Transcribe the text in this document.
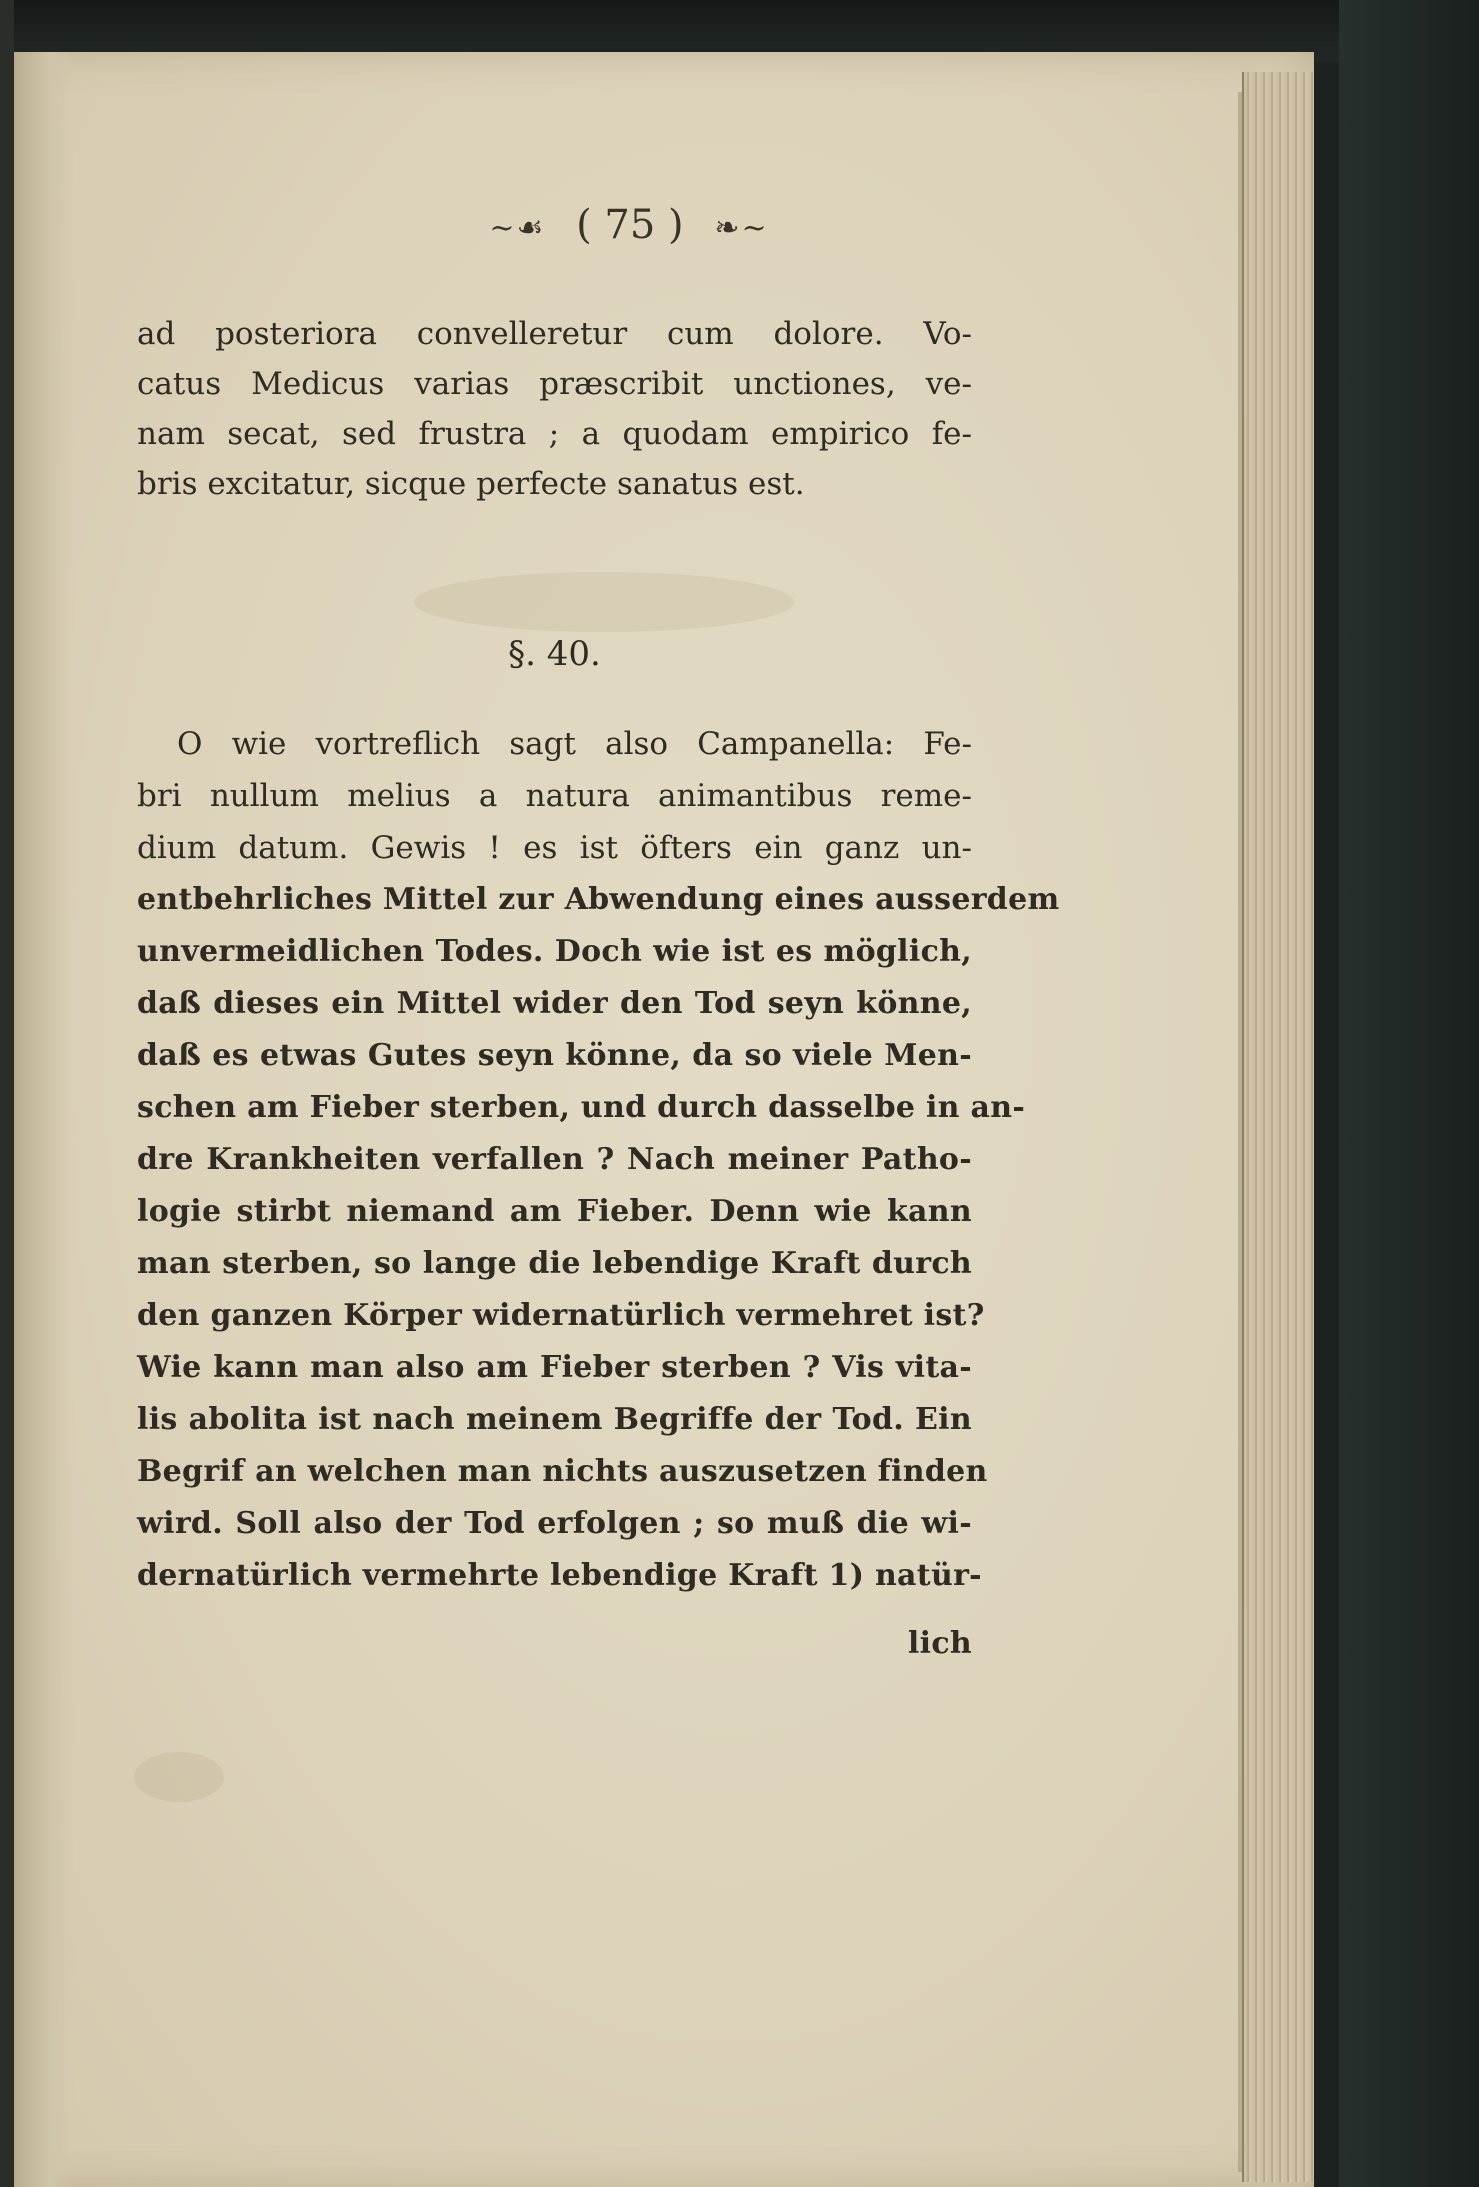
~☙ ( 75 ) ❧~
ad posteriora convelleretur cum dolore. Vo-
catus Medicus varias præscribit unctiones, ve-
nam secat, sed frustra ; a quodam empirico fe-
bris excitatur, sicque perfecte sanatus est.
§. 40.
O wie vortreflich sagt also Campanella: Fe-
bri nullum melius a natura animantibus reme-
dium datum. Gewis ! es ist öfters ein ganz un-
entbehrliches Mittel zur Abwendung eines ausserdem
unvermeidlichen Todes. Doch wie ist es möglich,
daß dieses ein Mittel wider den Tod seyn könne,
daß es etwas Gutes seyn könne, da so viele Men-
schen am Fieber sterben, und durch dasselbe in an-
dre Krankheiten verfallen ? Nach meiner Patho-
logie stirbt niemand am Fieber. Denn wie kann
man sterben, so lange die lebendige Kraft durch
den ganzen Körper widernatürlich vermehret ist?
Wie kann man also am Fieber sterben ? Vis vita-
lis abolita ist nach meinem Begriffe der Tod. Ein
Begrif an welchen man nichts auszusetzen finden
wird. Soll also der Tod erfolgen ; so muß die wi-
dernatürlich vermehrte lebendige Kraft 1) natür-
lich
